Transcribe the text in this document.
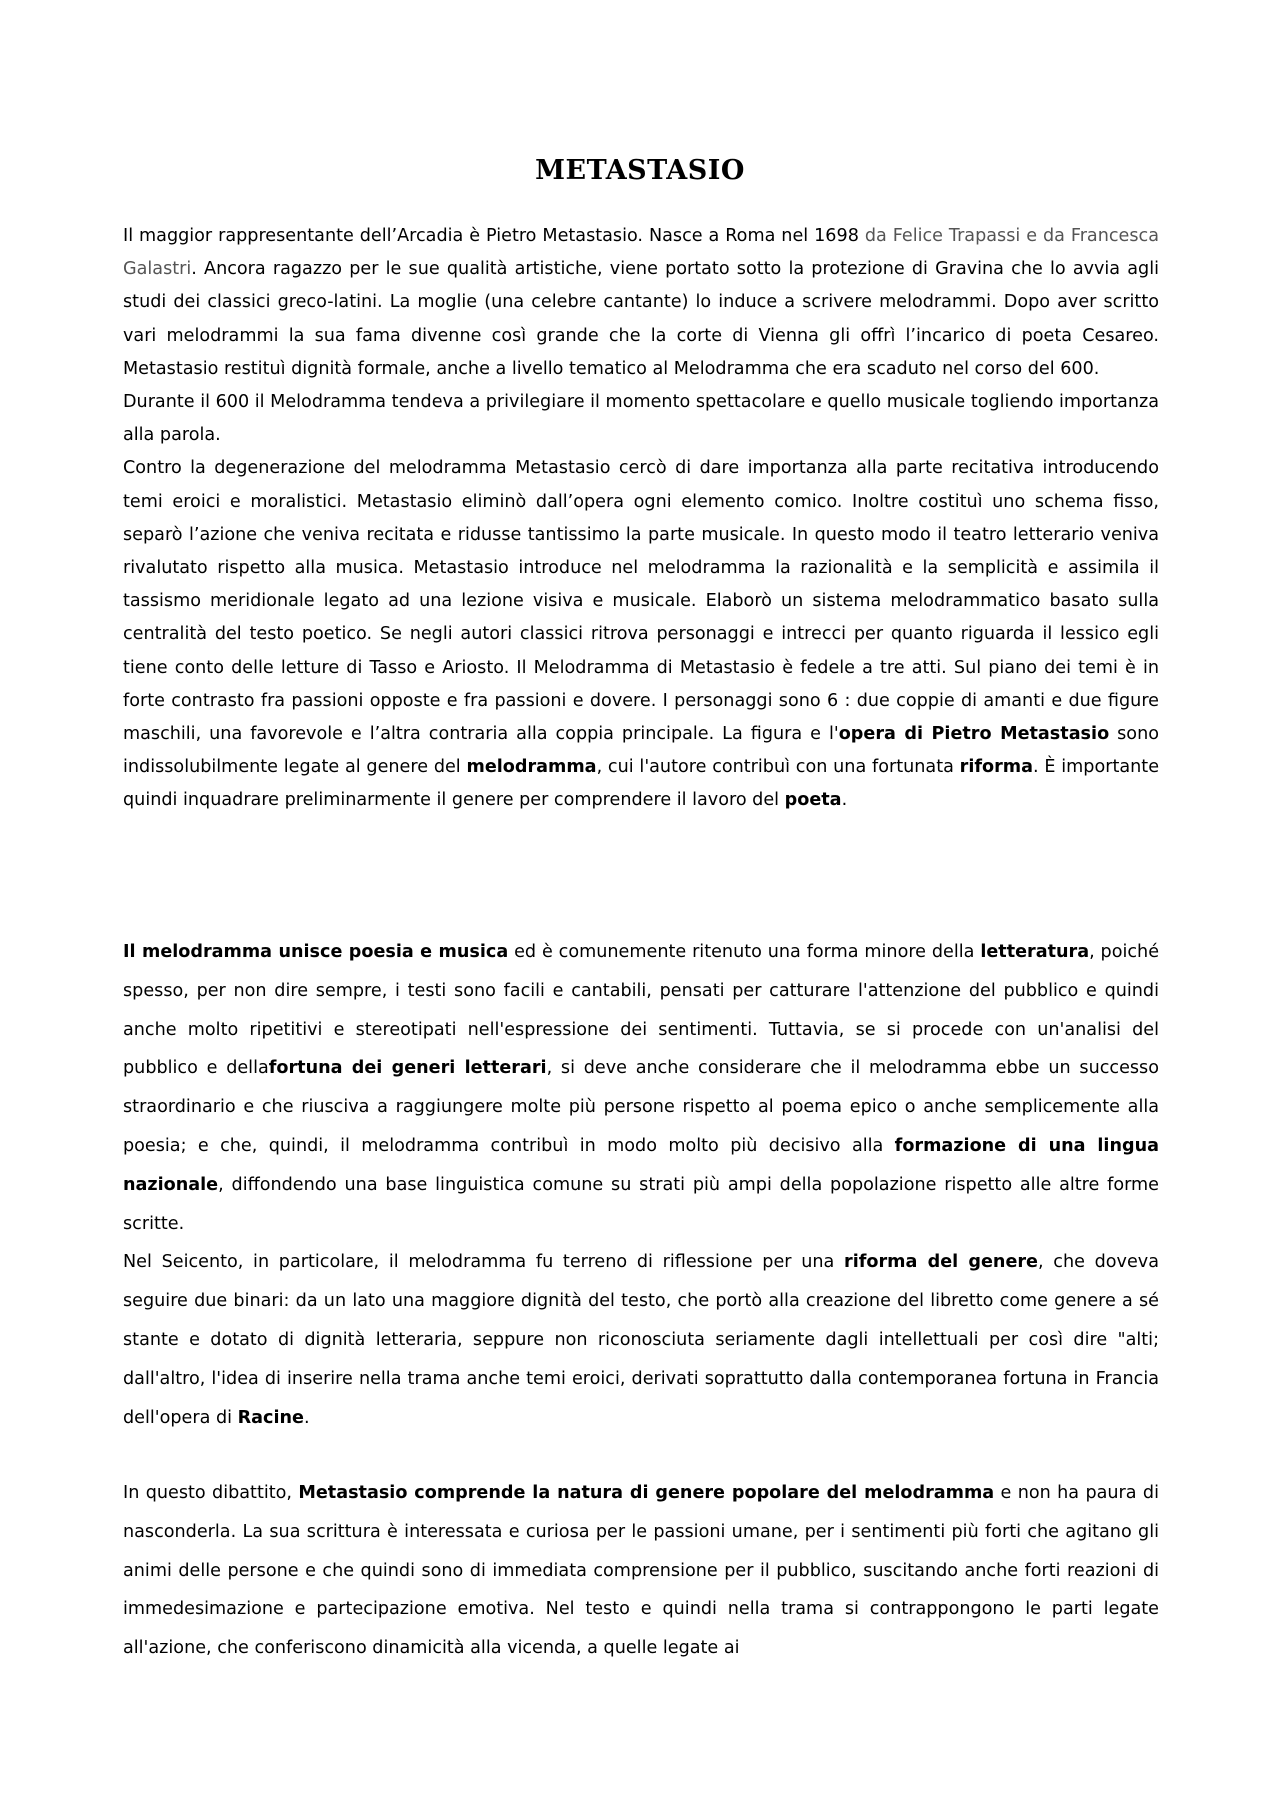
METASTASIO

Il maggior rappresentante dell’Arcadia è Pietro Metastasio. Nasce a Roma nel 1698 da Felice Trapassi e da Francesca Galastri. Ancora ragazzo per le sue qualità artistiche, viene portato sotto la protezione di Gravina che lo avvia agli studi dei classici greco-latini. La moglie (una celebre cantante) lo induce a scrivere melodrammi. Dopo aver scritto vari melodrammi la sua fama divenne così grande che la corte di Vienna gli offrì l’incarico di poeta Cesareo. Metastasio restituì dignità formale, anche a livello tematico al Melodramma che era scaduto nel corso del 600.

Durante il 600 il Melodramma tendeva a privilegiare il momento spettacolare e quello musicale togliendo importanza alla parola.

Contro la degenerazione del melodramma Metastasio cercò di dare importanza alla parte recitativa introducendo temi eroici e moralistici. Metastasio eliminò dall’opera ogni elemento comico. Inoltre costituì uno schema fisso, separò l’azione che veniva recitata e ridusse tantissimo la parte musicale. In questo modo il teatro letterario veniva rivalutato rispetto alla musica. Metastasio introduce nel melodramma la razionalità e la semplicità e assimila il tassismo meridionale legato ad una lezione visiva e musicale. Elaborò un sistema melodrammatico basato sulla centralità del testo poetico. Se negli autori classici ritrova personaggi e intrecci per quanto riguarda il lessico egli tiene conto delle letture di Tasso e Ariosto. Il Melodramma di Metastasio è fedele a tre atti. Sul piano dei temi è in forte contrasto fra passioni opposte e fra passioni e dovere. I personaggi sono 6 : due coppie di amanti e due figure maschili, una favorevole e l’altra contraria alla coppia principale. La figura e l'opera di Pietro Metastasio sono indissolubilmente legate al genere del melodramma, cui l'autore contribuì con una fortunata riforma. È importante quindi inquadrare preliminarmente il genere per comprendere il lavoro del poeta.

Il melodramma unisce poesia e musica ed è comunemente ritenuto una forma minore della letteratura, poiché spesso, per non dire sempre, i testi sono facili e cantabili, pensati per catturare l'attenzione del pubblico e quindi anche molto ripetitivi e stereotipati nell'espressione dei sentimenti. Tuttavia, se si procede con un'analisi del pubblico e dellafortuna dei generi letterari, si deve anche considerare che il melodramma ebbe un successo straordinario e che riusciva a raggiungere molte più persone rispetto al poema epico o anche semplicemente alla poesia; e che, quindi, il melodramma contribuì in modo molto più decisivo alla formazione di una lingua nazionale, diffondendo una base linguistica comune su strati più ampi della popolazione rispetto alle altre forme scritte.

Nel Seicento, in particolare, il melodramma fu terreno di riflessione per una riforma del genere, che doveva seguire due binari: da un lato una maggiore dignità del testo, che portò alla creazione del libretto come genere a sé stante e dotato di dignità letteraria, seppure non riconosciuta seriamente dagli intellettuali per così dire "alti; dall'altro, l'idea di inserire nella trama anche temi eroici, derivati soprattutto dalla contemporanea fortuna in Francia dell'opera di Racine.

In questo dibattito, Metastasio comprende la natura di genere popolare del melodramma e non ha paura di nasconderla. La sua scrittura è interessata e curiosa per le passioni umane, per i sentimenti più forti che agitano gli animi delle persone e che quindi sono di immediata comprensione per il pubblico, suscitando anche forti reazioni di immedesimazione e partecipazione emotiva. Nel testo e quindi nella trama si contrappongono le parti legate all'azione, che conferiscono dinamicità alla vicenda, a quelle legate ai
